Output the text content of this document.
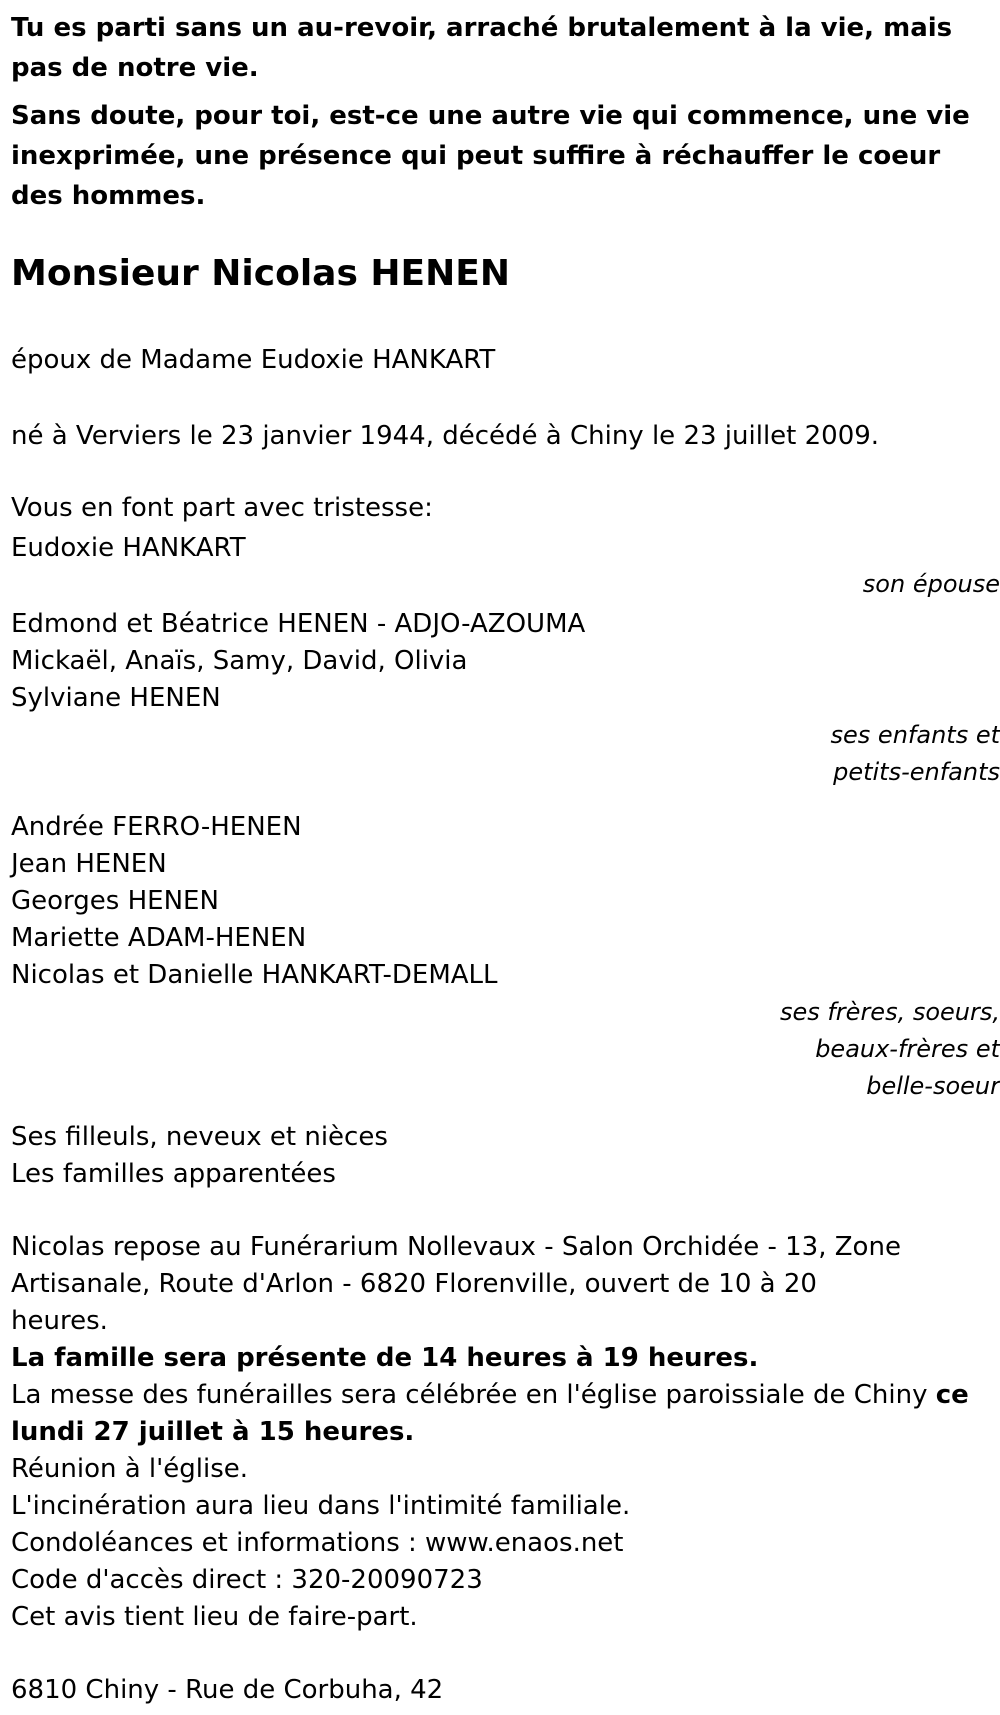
Tu es parti sans un au-revoir, arraché brutalement à la vie, mais pas de notre vie.

Sans doute, pour toi, est-ce une autre vie qui commence, une vie inexprimée, une présence qui peut suffire à réchauffer le coeur des hommes.

Monsieur Nicolas HENEN

époux de Madame Eudoxie HANKART

né à Verviers le 23 janvier 1944, décédé à Chiny le 23 juillet 2009.

Vous en font part avec tristesse:

Eudoxie HANKART

son épouse

Edmond et Béatrice HENEN - ADJO-AZOUMA

Mickaël, Anaïs, Samy, David, Olivia

Sylviane HENEN

ses enfants et

petits-enfants

Andrée FERRO-HENEN

Jean HENEN

Georges HENEN

Mariette ADAM-HENEN

Nicolas et Danielle HANKART-DEMALL

ses frères, soeurs,

beaux-frères et

belle-soeur

Ses filleuls, neveux et nièces

Les familles apparentées

Nicolas repose au Funérarium Nollevaux - Salon Orchidée - 13, Zone Artisanale, Route d'Arlon - 6820 Florenville, ouvert de 10 à 20 heures.

La famille sera présente de 14 heures à 19 heures.

La messe des funérailles sera célébrée en l'église paroissiale de Chiny ce lundi 27 juillet à 15 heures.

Réunion à l'église.

L'incinération aura lieu dans l'intimité familiale.

Condoléances et informations : www.enaos.net

Code d'accès direct : 320-20090723

Cet avis tient lieu de faire-part.

6810 Chiny - Rue de Corbuha, 42
